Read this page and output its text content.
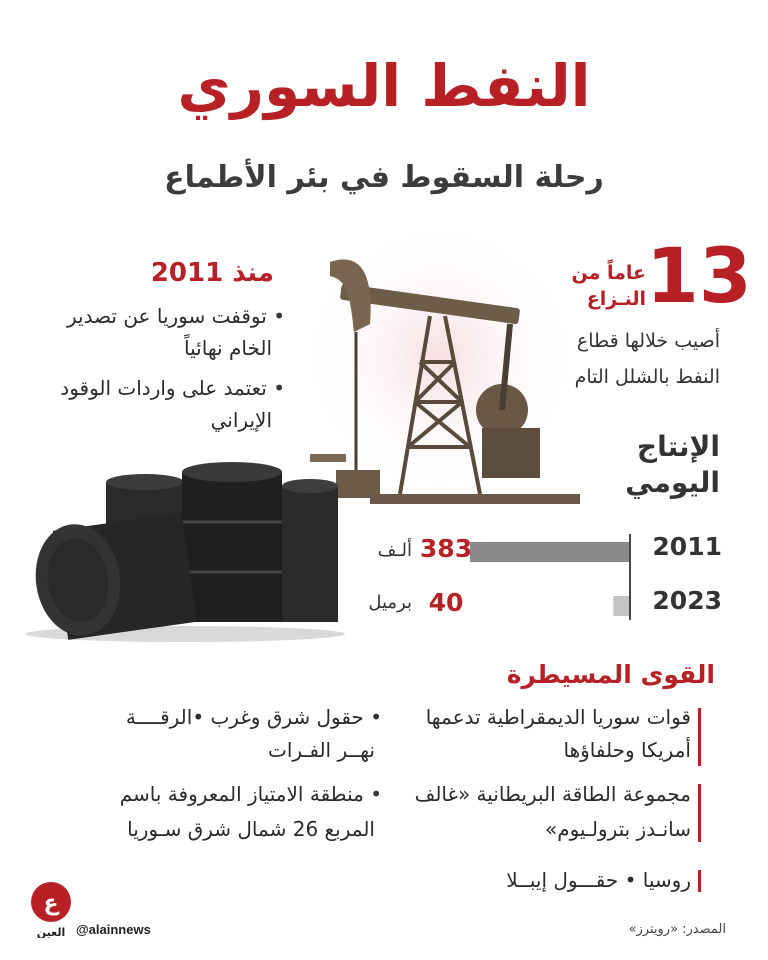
النفط السوري
رحلة السقوط في بئر الأطماع
13
عاماً من
النـزاع
أصيب خلالها قطاع
النفط بالشلل التام
منذ 2011
• توقفت سوريا عن تصدير
الخام نهائياً
• تعتمد على واردات الوقود
الإيراني
الإنتاج
اليومي
2011
2023
383
40
ألـف
برميل
القوى المسيطرة
قوات سوريا الديمقراطية تدعمها
أمريكا وحلفاؤها
مجموعة الطاقة البريطانية «غالف
سانـدز بترولـيوم»
روسيا • حقـــول إيبــلا
• حقول شرق وغرب •الرقــــة
نهــر الفـرات
• منطقة الامتياز المعروفة باسم
المربع 26 شمال شرق سـوريا
ع
العين @alainnews	المصدر: «رويترز»
